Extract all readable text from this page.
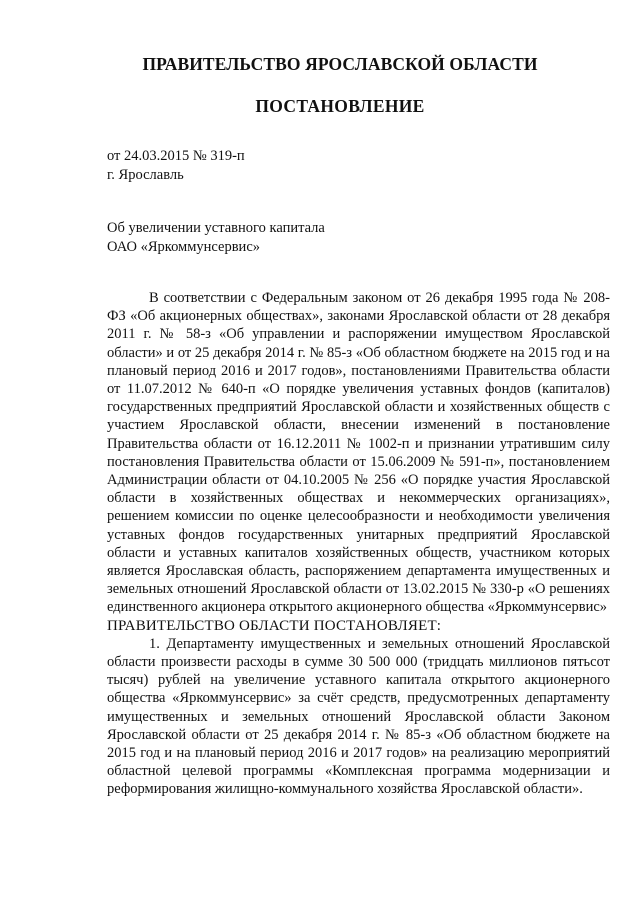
ПРАВИТЕЛЬСТВО ЯРОСЛАВСКОЙ ОБЛАСТИ
ПОСТАНОВЛЕНИЕ
от 24.03.2015 № 319-п
г. Ярославль
Об увеличении уставного капитала
ОАО «Яркоммунсервис»

В соответствии с Федеральным законом от 26 декабря 1995 года № 208-ФЗ «Об акционерных обществах», законами Ярославской области от 28 декабря 2011 г. № 58-з «Об управлении и распоряжении имуществом Ярославской области» и от 25 декабря 2014 г. № 85-з «Об областном бюджете на 2015 год и на плановый период 2016 и 2017 годов», постановлениями Правительства области от 11.07.2012 № 640-п «О порядке увеличения уставных фондов (капиталов) государственных предприятий Ярославской области и хозяйственных обществ с участием Ярославской области, внесении изменений в постановление Правительства области от 16.12.2011 № 1002-п и признании утратившим силу постановления Правительства области от 15.06.2009 № 591-п», постановлением Администрации области от 04.10.2005 № 256 «О порядке участия Ярославской области в хозяйственных обществах и некоммерческих организациях», решением комиссии по оценке целесообразности и необходимости увеличения уставных фондов государственных унитарных предприятий Ярославской области и уставных капиталов хозяйственных обществ, участником которых является Ярославская область, распоряжением департамента имущественных и земельных отношений Ярославской области от 13.02.2015 № 330-р «О решениях единственного акционера открытого акционерного общества «Яркоммунсервис»

ПРАВИТЕЛЬСТВО ОБЛАСТИ ПОСТАНОВЛЯЕТ:

1. Департаменту имущественных и земельных отношений Ярославской области произвести расходы в сумме 30 500 000 (тридцать миллионов пятьсот тысяч) рублей на увеличение уставного капитала открытого акционерного общества «Яркоммунсервис» за счёт средств, предусмотренных департаменту имущественных и земельных отношений Ярославской области Законом Ярославской области от 25 декабря 2014 г. № 85-з «Об областном бюджете на 2015 год и на плановый период 2016 и 2017 годов» на реализацию мероприятий областной целевой программы «Комплексная программа модернизации и реформирования жилищно-коммунального хозяйства Ярославской области».
